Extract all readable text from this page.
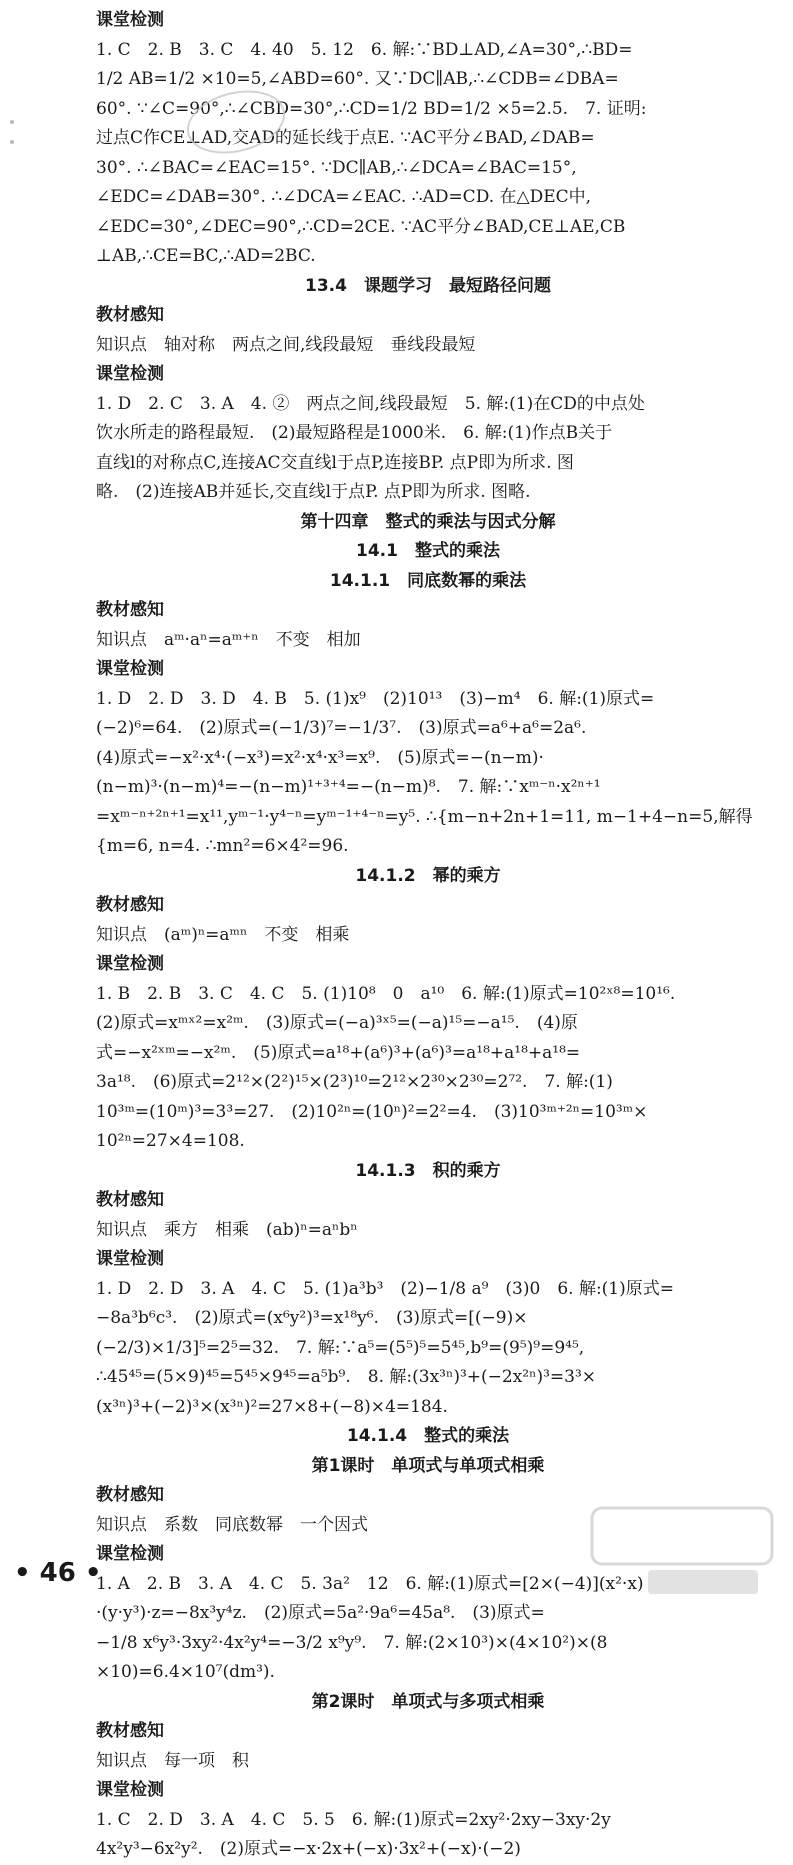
课堂检测
1. C　2. B　3. C　4. 40　5. 12　6. 解:∵BD⊥AD,∠A=30°,∴BD=
1/2 AB=1/2 ×10=5,∠ABD=60°. 又∵DC∥AB,∴∠CDB=∠DBA=
60°. ∵∠C=90°,∴∠CBD=30°,∴CD=1/2 BD=1/2 ×5=2.5.　7. 证明:
过点C作CE⊥AD,交AD的延长线于点E. ∵AC平分∠BAD,∠DAB=
30°. ∴∠BAC=∠EAC=15°. ∵DC∥AB,∴∠DCA=∠BAC=15°,
∠EDC=∠DAB=30°. ∴∠DCA=∠EAC. ∴AD=CD. 在△DEC中,
∠EDC=30°,∠DEC=90°,∴CD=2CE. ∵AC平分∠BAD,CE⊥AE,CB
⊥AB,∴CE=BC,∴AD=2BC.
13.4　课题学习　最短路径问题
教材感知
知识点　轴对称　两点之间,线段最短　垂线段最短
课堂检测
1. D　2. C　3. A　4. ②　两点之间,线段最短　5. 解:(1)在CD的中点处
饮水所走的路程最短.　(2)最短路程是1000米.　6. 解:(1)作点B关于
直线l的对称点C,连接AC交直线l于点P,连接BP. 点P即为所求. 图
略.　(2)连接AB并延长,交直线l于点P. 点P即为所求. 图略.
第十四章　整式的乘法与因式分解
14.1　整式的乘法
14.1.1　同底数幂的乘法
教材感知
知识点　aᵐ·aⁿ=aᵐ⁺ⁿ　不变　相加
课堂检测
1. D　2. D　3. D　4. B　5. (1)x⁹　(2)10¹³　(3)−m⁴　6. 解:(1)原式=
(−2)⁶=64.　(2)原式=(−1/3)⁷=−1/3⁷.　(3)原式=a⁶+a⁶=2a⁶.
(4)原式=−x²·x⁴·(−x³)=x²·x⁴·x³=x⁹.　(5)原式=−(n−m)·
(n−m)³·(n−m)⁴=−(n−m)¹⁺³⁺⁴=−(n−m)⁸.　7. 解:∵xᵐ⁻ⁿ·x²ⁿ⁺¹
=xᵐ⁻ⁿ⁺²ⁿ⁺¹=x¹¹,yᵐ⁻¹·y⁴⁻ⁿ=yᵐ⁻¹⁺⁴⁻ⁿ=y⁵. ∴{m−n+2n+1=11, m−1+4−n=5,解得
{m=6, n=4. ∴mn²=6×4²=96.
14.1.2　幂的乘方
教材感知
知识点　(aᵐ)ⁿ=aᵐⁿ　不变　相乘
课堂检测
1. B　2. B　3. C　4. C　5. (1)10⁸　0　a¹⁰　6. 解:(1)原式=10²ˣ⁸=10¹⁶.
(2)原式=xᵐˣ²=x²ᵐ.　(3)原式=(−a)³ˣ⁵=(−a)¹⁵=−a¹⁵.　(4)原
式=−x²ˣᵐ=−x²ᵐ.　(5)原式=a¹⁸+(a⁶)³+(a⁶)³=a¹⁸+a¹⁸+a¹⁸=
3a¹⁸.　(6)原式=2¹²×(2²)¹⁵×(2³)¹⁰=2¹²×2³⁰×2³⁰=2⁷².　7. 解:(1)
10³ᵐ=(10ᵐ)³=3³=27.　(2)10²ⁿ=(10ⁿ)²=2²=4.　(3)10³ᵐ⁺²ⁿ=10³ᵐ×
10²ⁿ=27×4=108.
14.1.3　积的乘方
教材感知
知识点　乘方　相乘　(ab)ⁿ=aⁿbⁿ
课堂检测
1. D　2. D　3. A　4. C　5. (1)a³b³　(2)−1/8 a⁹　(3)0　6. 解:(1)原式=
−8a³b⁶c³.　(2)原式=(x⁶y²)³=x¹⁸y⁶.　(3)原式=[(−9)×
(−2/3)×1/3]⁵=2⁵=32.　7. 解:∵a⁵=(5⁵)⁵=5⁴⁵,b⁹=(9⁵)⁹=9⁴⁵,
∴45⁴⁵=(5×9)⁴⁵=5⁴⁵×9⁴⁵=a⁵b⁹.　8. 解:(3x³ⁿ)³+(−2x²ⁿ)³=3³×
(x³ⁿ)³+(−2)³×(x³ⁿ)²=27×8+(−8)×4=184.
14.1.4　整式的乘法
第1课时　单项式与单项式相乘
教材感知
知识点　系数　同底数幂　一个因式
课堂检测
1. A　2. B　3. A　4. C　5. 3a²　12　6. 解:(1)原式=[2×(−4)](x²·x)
·(y·y³)·z=−8x³y⁴z.　(2)原式=5a²·9a⁶=45a⁸.　(3)原式=
−1/8 x⁶y³·3xy²·4x²y⁴=−3/2 x⁹y⁹.　7. 解:(2×10³)×(4×10²)×(8
×10)=6.4×10⁷(dm³).
第2课时　单项式与多项式相乘
教材感知
知识点　每一项　积
课堂检测
1. C　2. D　3. A　4. C　5. 5　6. 解:(1)原式=2xy²·2xy−3xy·2y
4x²y³−6x²y².　(2)原式=−x·2x+(−x)·3x²+(−x)·(−2)
• 46 •
